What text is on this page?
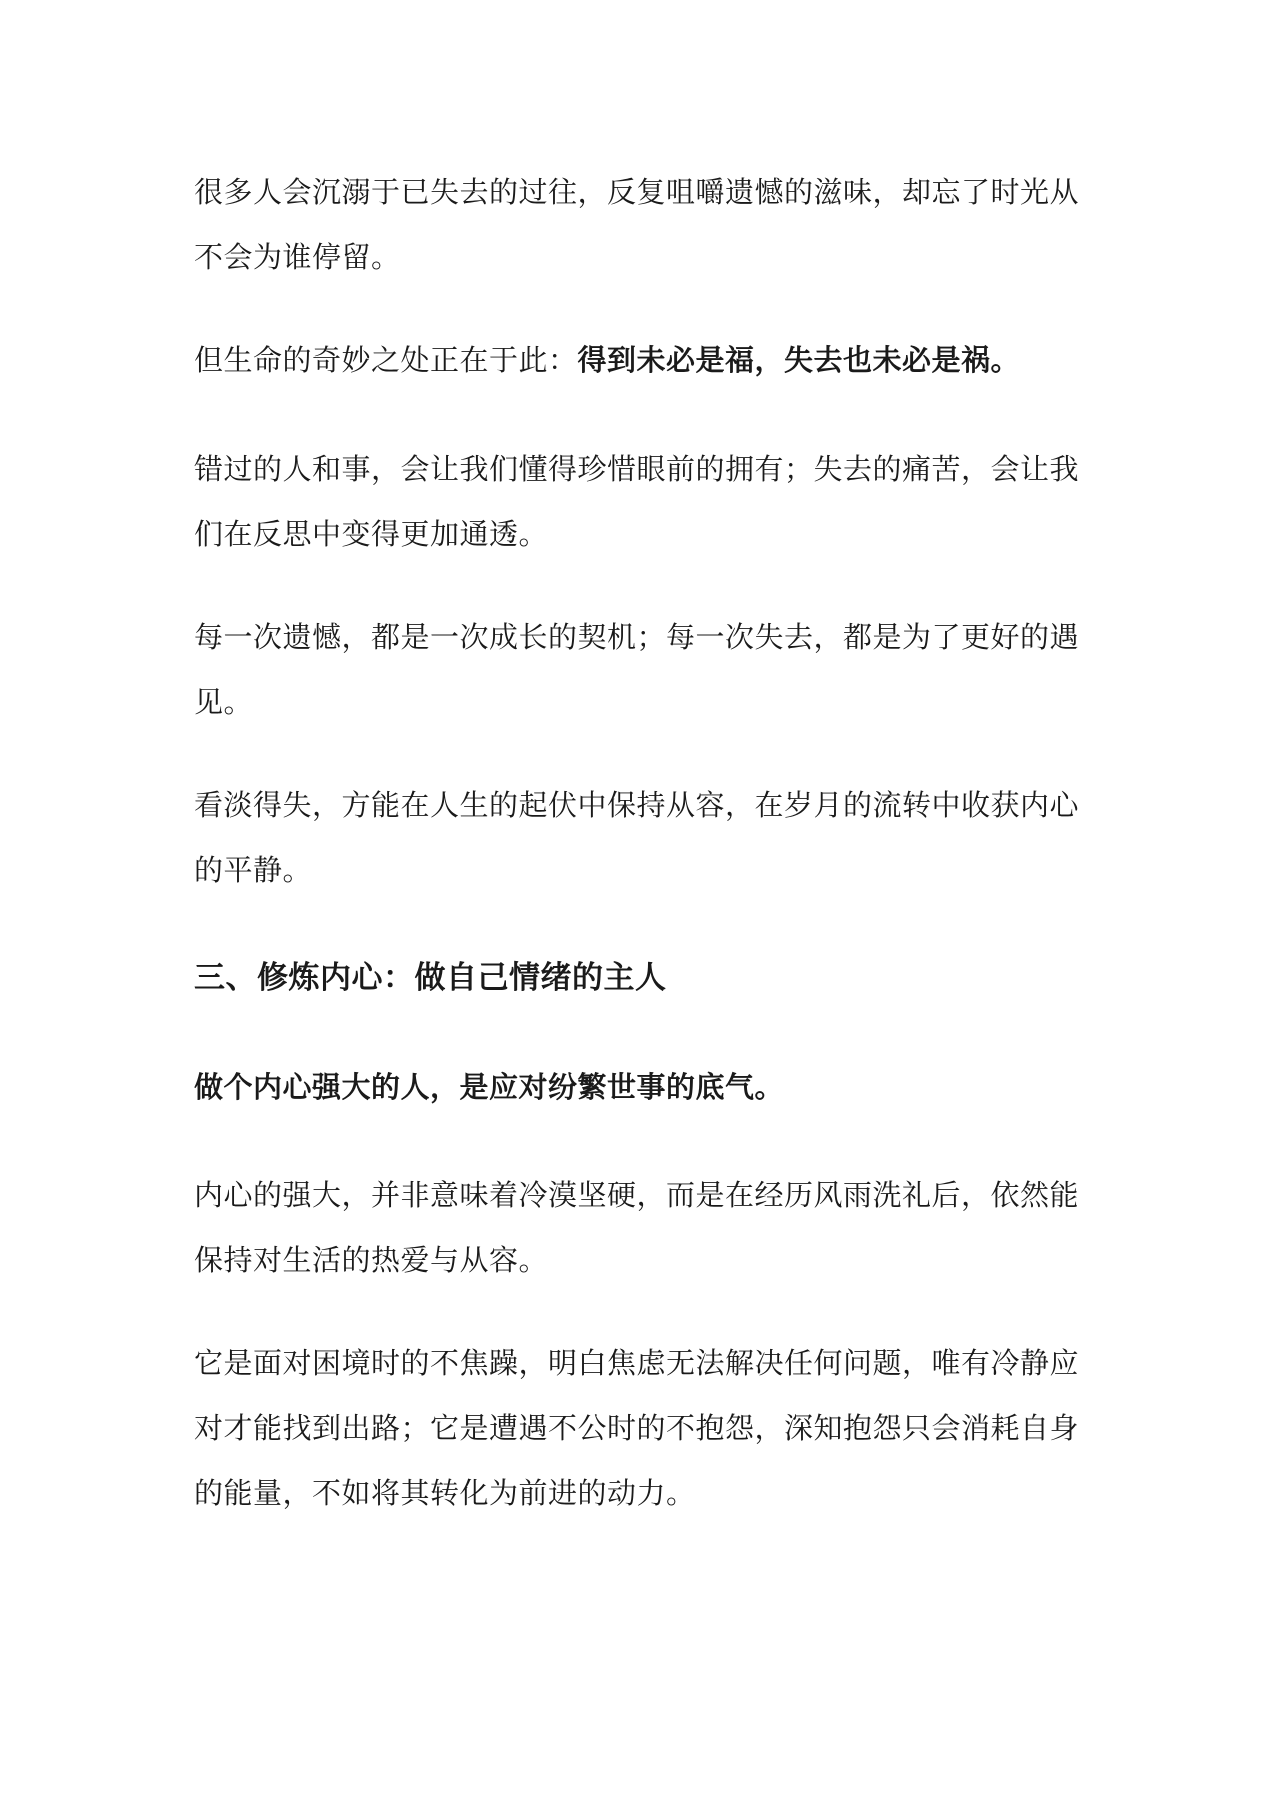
很多人会沉溺于已失去的过往，反复咀嚼遗憾的滋味，却忘了时光从

不会为谁停留。

但生命的奇妙之处正在于此：得到未必是福，失去也未必是祸。

错过的人和事，会让我们懂得珍惜眼前的拥有；失去的痛苦，会让我

们在反思中变得更加通透。

每一次遗憾，都是一次成长的契机；每一次失去，都是为了更好的遇

见。

看淡得失，方能在人生的起伏中保持从容，在岁月的流转中收获内心

的平静。

三、修炼内心：做自己情绪的主人

做个内心强大的人，是应对纷繁世事的底气。

内心的强大，并非意味着冷漠坚硬，而是在经历风雨洗礼后，依然能

保持对生活的热爱与从容。

它是面对困境时的不焦躁，明白焦虑无法解决任何问题，唯有冷静应

对才能找到出路；它是遭遇不公时的不抱怨，深知抱怨只会消耗自身

的能量，不如将其转化为前进的动力。
